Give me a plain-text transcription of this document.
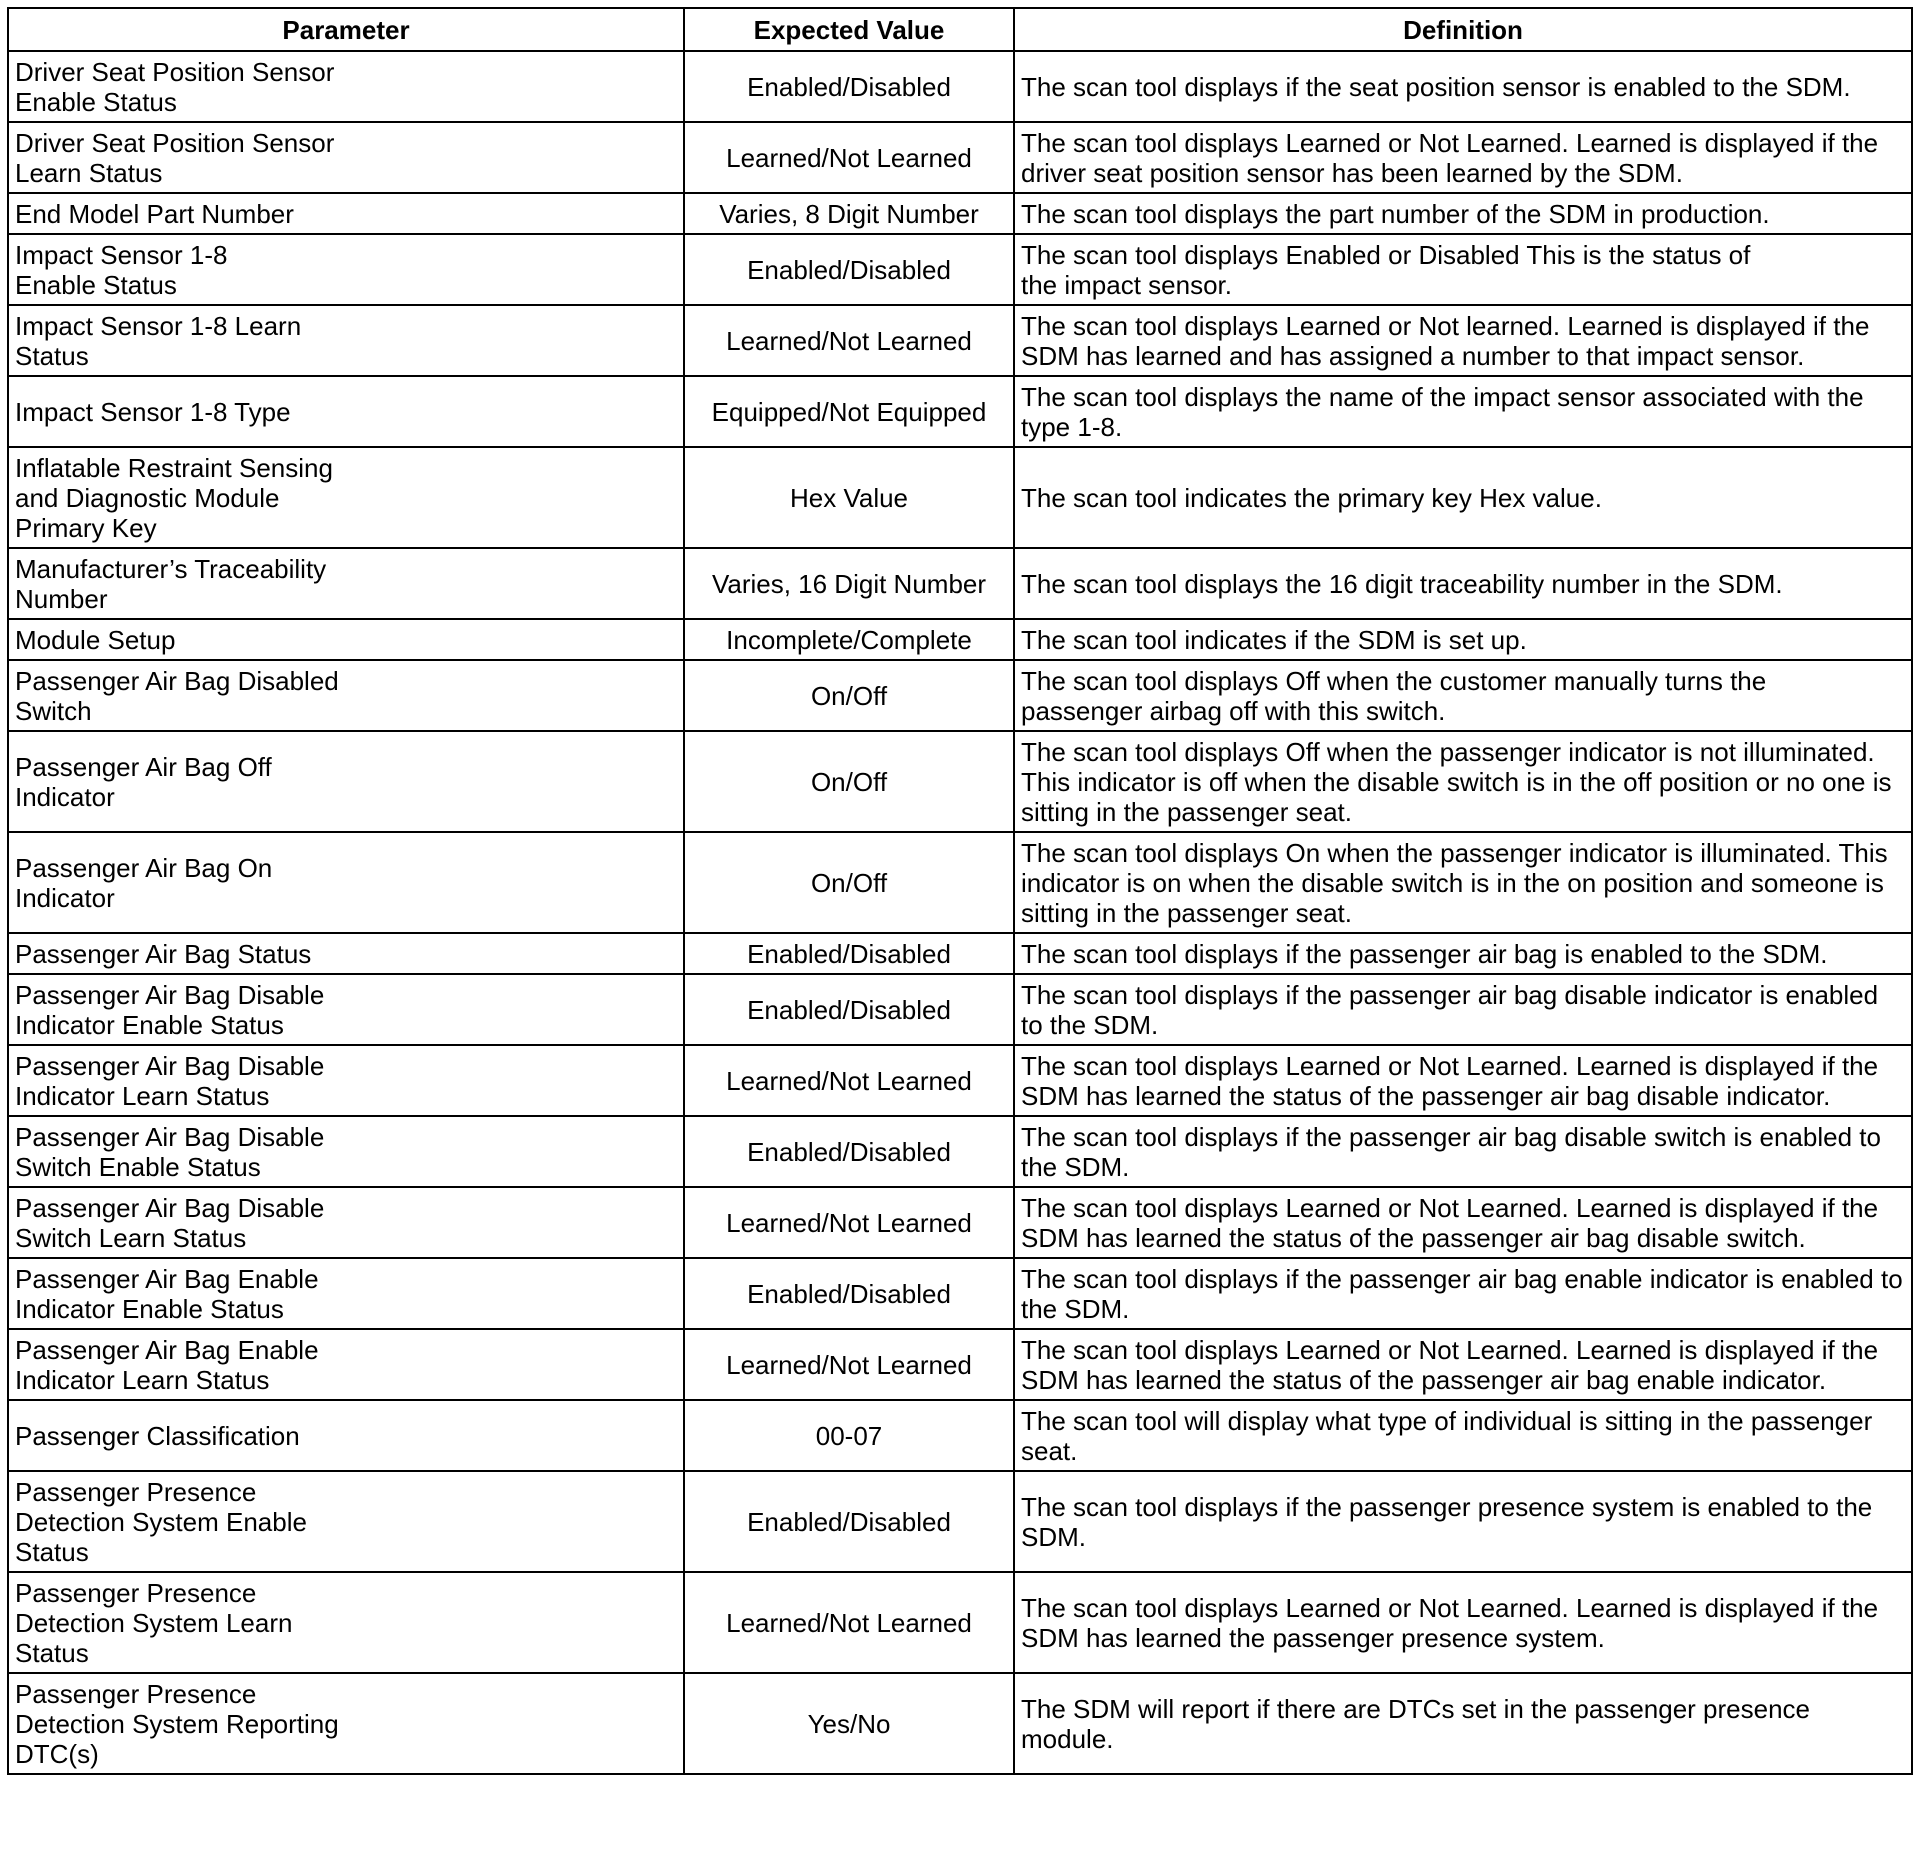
Parameter	Expected Value	Definition

Driver Seat Position Sensor Enable Status	Enabled/Disabled	The scan tool displays if the seat position sensor is enabled to the SDM.

Driver Seat Position Sensor Learn Status	Learned/Not Learned	The scan tool displays Learned or Not Learned. Learned is displayed if the driver seat position sensor has been learned by the SDM.

End Model Part Number	Varies, 8 Digit Number	The scan tool displays the part number of the SDM in production.

Impact Sensor 1-8 Enable Status	Enabled/Disabled	The scan tool displays Enabled or Disabled This is the status of the impact sensor.

Impact Sensor 1-8 Learn Status	Learned/Not Learned	The scan tool displays Learned or Not learned. Learned is displayed if the SDM has learned and has assigned a number to that impact sensor.

Impact Sensor 1-8 Type	Equipped/Not Equipped	The scan tool displays the name of the impact sensor associated with the type 1-8.

Inflatable Restraint Sensing and Diagnostic Module Primary Key	Hex Value	The scan tool indicates the primary key Hex value.

Manufacturer’s Traceability Number	Varies, 16 Digit Number	The scan tool displays the 16 digit traceability number in the SDM.

Module Setup	Incomplete/Complete	The scan tool indicates if the SDM is set up.

Passenger Air Bag Disabled Switch	On/Off	The scan tool displays Off when the customer manually turns the passenger airbag off with this switch.

Passenger Air Bag Off Indicator	On/Off	The scan tool displays Off when the passenger indicator is not illuminated. This indicator is off when the disable switch is in the off position or no one is sitting in the passenger seat.

Passenger Air Bag On Indicator	On/Off	The scan tool displays On when the passenger indicator is illuminated. This indicator is on when the disable switch is in the on position and someone is sitting in the passenger seat.

Passenger Air Bag Status	Enabled/Disabled	The scan tool displays if the passenger air bag is enabled to the SDM.

Passenger Air Bag Disable Indicator Enable Status	Enabled/Disabled	The scan tool displays if the passenger air bag disable indicator is enabled to the SDM.

Passenger Air Bag Disable Indicator Learn Status	Learned/Not Learned	The scan tool displays Learned or Not Learned. Learned is displayed if the SDM has learned the status of the passenger air bag disable indicator.

Passenger Air Bag Disable Switch Enable Status	Enabled/Disabled	The scan tool displays if the passenger air bag disable switch is enabled to the SDM.

Passenger Air Bag Disable Switch Learn Status	Learned/Not Learned	The scan tool displays Learned or Not Learned. Learned is displayed if the SDM has learned the status of the passenger air bag disable switch.

Passenger Air Bag Enable Indicator Enable Status	Enabled/Disabled	The scan tool displays if the passenger air bag enable indicator is enabled to the SDM.

Passenger Air Bag Enable Indicator Learn Status	Learned/Not Learned	The scan tool displays Learned or Not Learned. Learned is displayed if the SDM has learned the status of the passenger air bag enable indicator.

Passenger Classification	00-07	The scan tool will display what type of individual is sitting in the passenger seat.

Passenger Presence Detection System Enable Status	Enabled/Disabled	The scan tool displays if the passenger presence system is enabled to the SDM.

Passenger Presence Detection System Learn Status	Learned/Not Learned	The scan tool displays Learned or Not Learned. Learned is displayed if the SDM has learned the passenger presence system.

Passenger Presence Detection System Reporting DTC(s)	Yes/No	The SDM will report if there are DTCs set in the passenger presence module.
